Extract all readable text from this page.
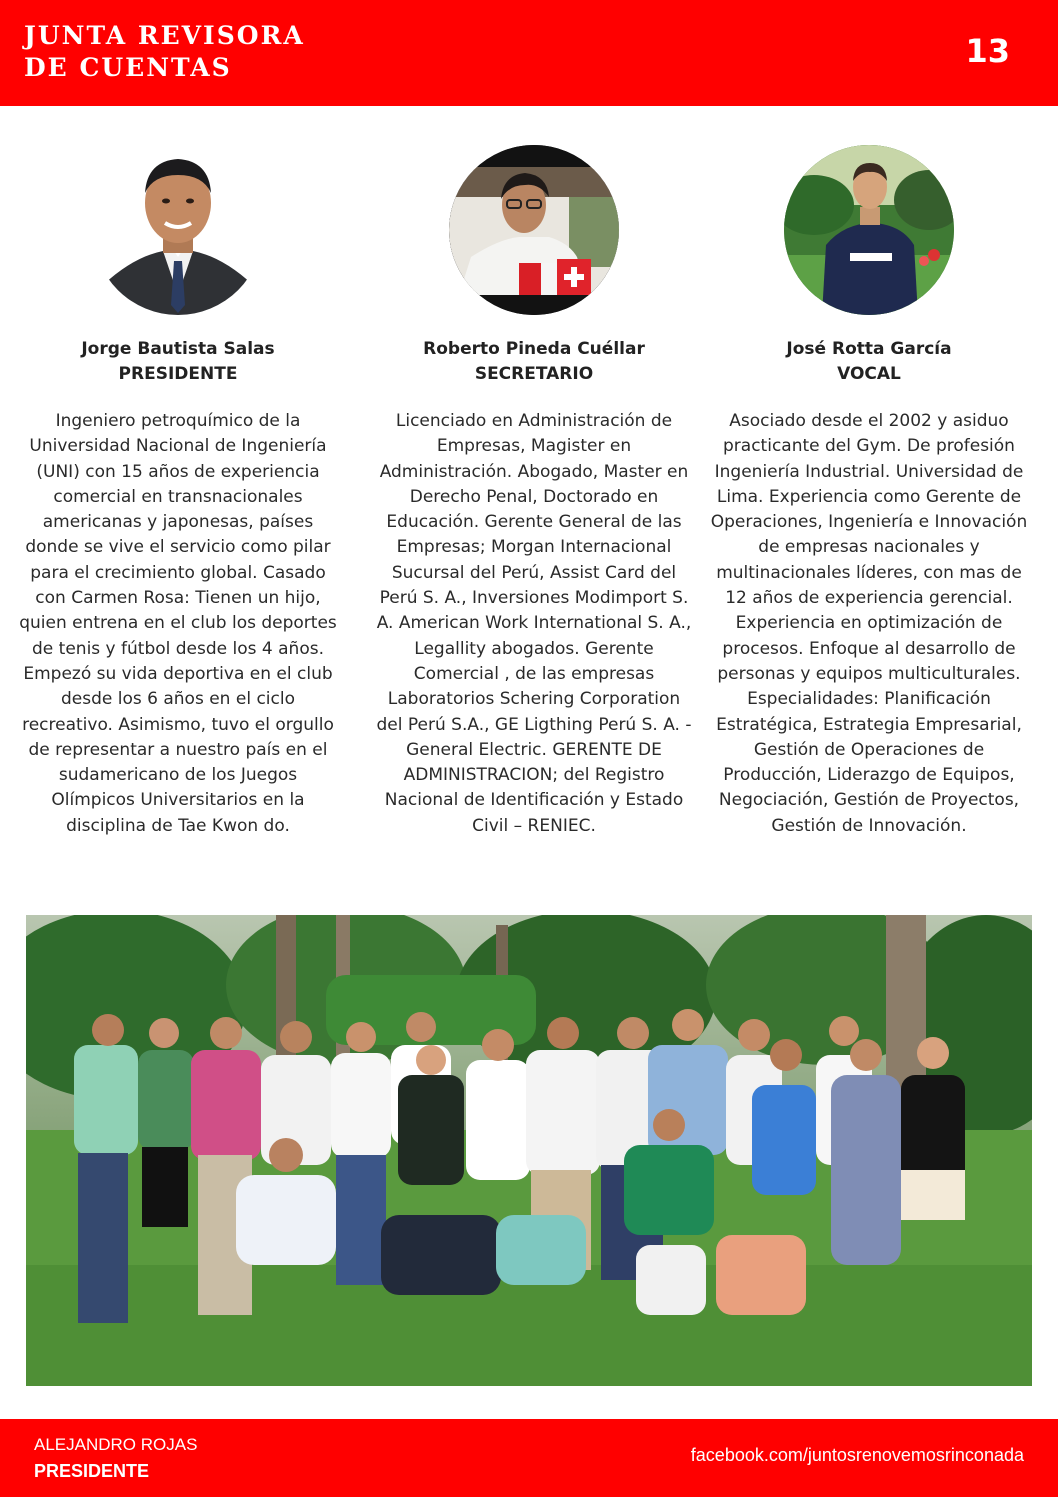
JUNTA REVISORA
DE CUENTAS	13
Jorge Bautista Salas
PRESIDENTE
Ingeniero petroquímico de la Universidad Nacional de Ingeniería (UNI) con 15 años de experiencia comercial en transnacionales americanas y japonesas, países donde se vive el servicio como pilar para el crecimiento global. Casado con Carmen Rosa: Tienen un hijo, quien entrena en el club los deportes de tenis y fútbol desde los 4 años. Empezó su vida deportiva en el club desde los 6 años en el ciclo recreativo. Asimismo, tuvo el orgullo de representar a nuestro país en el sudamericano de los Juegos Olímpicos Universitarios en la disciplina de Tae Kwon do.
Roberto Pineda Cuéllar
SECRETARIO
Licenciado en Administración de Empresas, Magister en Administración. Abogado, Master en Derecho Penal, Doctorado en Educación. Gerente General de las Empresas; Morgan Internacional Sucursal del Perú, Assist Card del Perú S. A., Inversiones Modimport S. A. American Work International S. A., Legallity abogados. Gerente Comercial , de las empresas Laboratorios Schering Corporation del Perú S.A., GE Ligthing Perú S. A. - General Electric. GERENTE DE ADMINISTRACION; del Registro Nacional de Identificación y Estado Civil – RENIEC.
José Rotta García
VOCAL
Asociado desde el 2002 y asiduo practicante del Gym. De profesión Ingeniería Industrial. Universidad de Lima. Experiencia como Gerente de Operaciones, Ingeniería e Innovación de empresas nacionales y multinacionales líderes, con mas de 12 años de experiencia gerencial. Experiencia en optimización de procesos. Enfoque al desarrollo de personas y equipos multiculturales. Especialidades: Planificación Estratégica, Estrategia Empresarial, Gestión de Operaciones de Producción, Liderazgo de Equipos, Negociación, Gestión de Proyectos, Gestión de Innovación.
ALEJANDRO ROJAS
PRESIDENTE
facebook.com/juntosrenovemosrinconada
